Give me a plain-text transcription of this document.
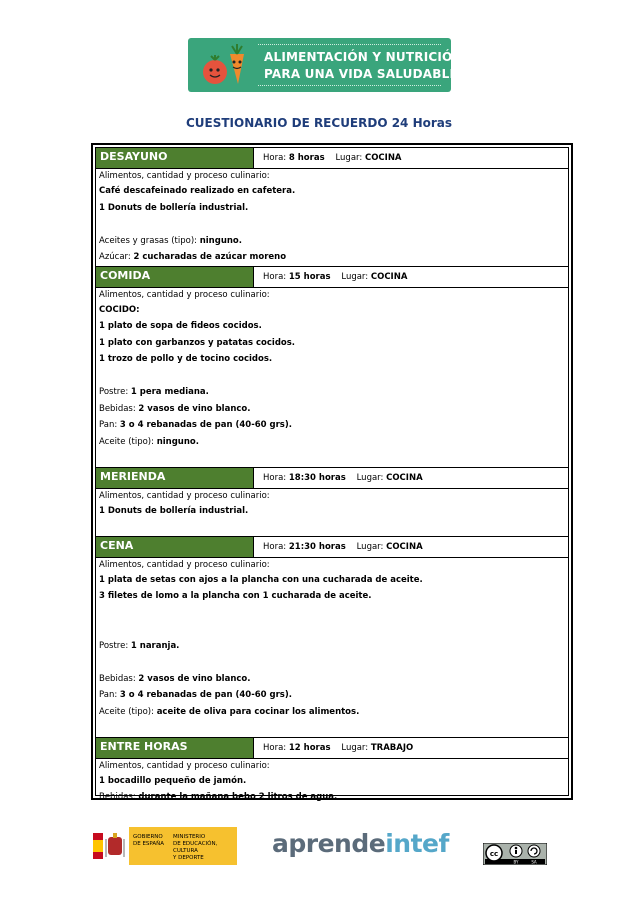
ALIMENTACIÓN Y NUTRICIÓN
PARA UNA VIDA SALUDABLE
CUESTIONARIO DE RECUERDO 24 Horas
DESAYUNO	Hora: 8 horas Lugar: COCINA
Alimentos, cantidad y proceso culinario:
Café descafeinado realizado en cafetera.
1 Donuts de bollería industrial.
Aceites y grasas (tipo): ninguno.
Azúcar: 2 cucharadas de azúcar moreno
COMIDA	Hora: 15 horas Lugar: COCINA
Alimentos, cantidad y proceso culinario:
COCIDO:
1 plato de sopa de fideos cocidos.
1 plato con garbanzos y patatas cocidos.
1 trozo de pollo y de tocino cocidos.
Postre: 1 pera mediana.
Bebidas: 2 vasos de vino blanco.
Pan: 3 o 4 rebanadas de pan (40-60 grs).
Aceite (tipo): ninguno.
MERIENDA	Hora: 18:30 horas Lugar: COCINA
Alimentos, cantidad y proceso culinario:
1 Donuts de bollería industrial.
CENA	Hora: 21:30 horas Lugar: COCINA
Alimentos, cantidad y proceso culinario:
1 plata de setas con ajos a la plancha con una cucharada de aceite.
3 filetes de lomo a la plancha con 1 cucharada de aceite.
Postre: 1 naranja.
Bebidas: 2 vasos de vino blanco.
Pan: 3 o 4 rebanadas de pan (40-60 grs).
Aceite (tipo): aceite de oliva para cocinar los alimentos.
ENTRE HORAS	Hora: 12 horas Lugar: TRABAJO
Alimentos, cantidad y proceso culinario:
1 bocadillo pequeño de jamón.
Bebidas: durante la mañana bebo 2 litros de agua.
GOBIERNO
DE ESPAÑA
MINISTERIO
DE EDUCACIÓN, CULTURA
Y DEPORTE	aprendeintef	cc
BY	SA
